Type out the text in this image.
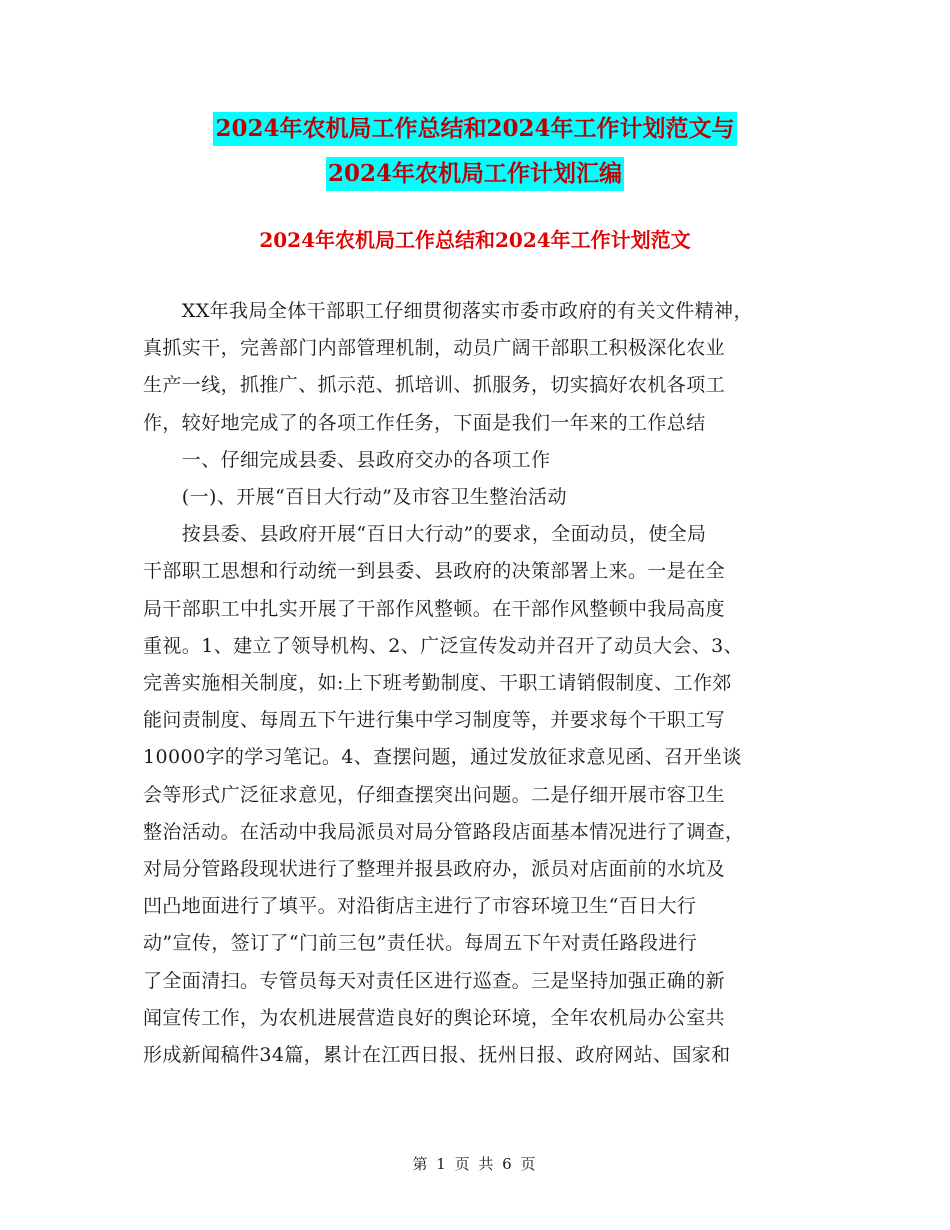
2024年农机局工作总结和2024年工作计划范文与
2024年农机局工作计划汇编
2024年农机局工作总结和2024年工作计划范文
　　XX年我局全体干部职工仔细贯彻落实市委市政府的有关文件精神，
真抓实干，完善部门内部管理机制，动员广阔干部职工积极深化农业
生产一线，抓推广、抓示范、抓培训、抓服务，切实搞好农机各项工
作，较好地完成了的各项工作任务，下面是我们一年来的工作总结
　　一、仔细完成县委、县政府交办的各项工作
　　(一)、开展“百日大行动”及市容卫生整治活动
　　按县委、县政府开展“百日大行动”的要求，全面动员，使全局
干部职工思想和行动统一到县委、县政府的决策部署上来。一是在全
局干部职工中扎实开展了干部作风整顿。在干部作风整顿中我局高度
重视。1、建立了领导机构、2、广泛宣传发动并召开了动员大会、3、
完善实施相关制度，如:上下班考勤制度、干职工请销假制度、工作郊
能问责制度、每周五下午进行集中学习制度等，并要求每个干职工写
10000字的学习笔记。4、查摆问题，通过发放征求意见函、召开坐谈
会等形式广泛征求意见，仔细查摆突出问题。二是仔细开展市容卫生
整治活动。在活动中我局派员对局分管路段店面基本情况进行了调查，
对局分管路段现状进行了整理并报县政府办，派员对店面前的水坑及
凹凸地面进行了填平。对沿街店主进行了市容环境卫生“百日大行
动”宣传，签订了“门前三包”责任状。每周五下午对责任路段进行
了全面清扫。专管员每天对责任区进行巡查。三是坚持加强正确的新
闻宣传工作，为农机进展营造良好的舆论环境，全年农机局办公室共
形成新闻稿件34篇，累计在江西日报、抚州日报、政府网站、国家和
第 1 页 共 6 页
